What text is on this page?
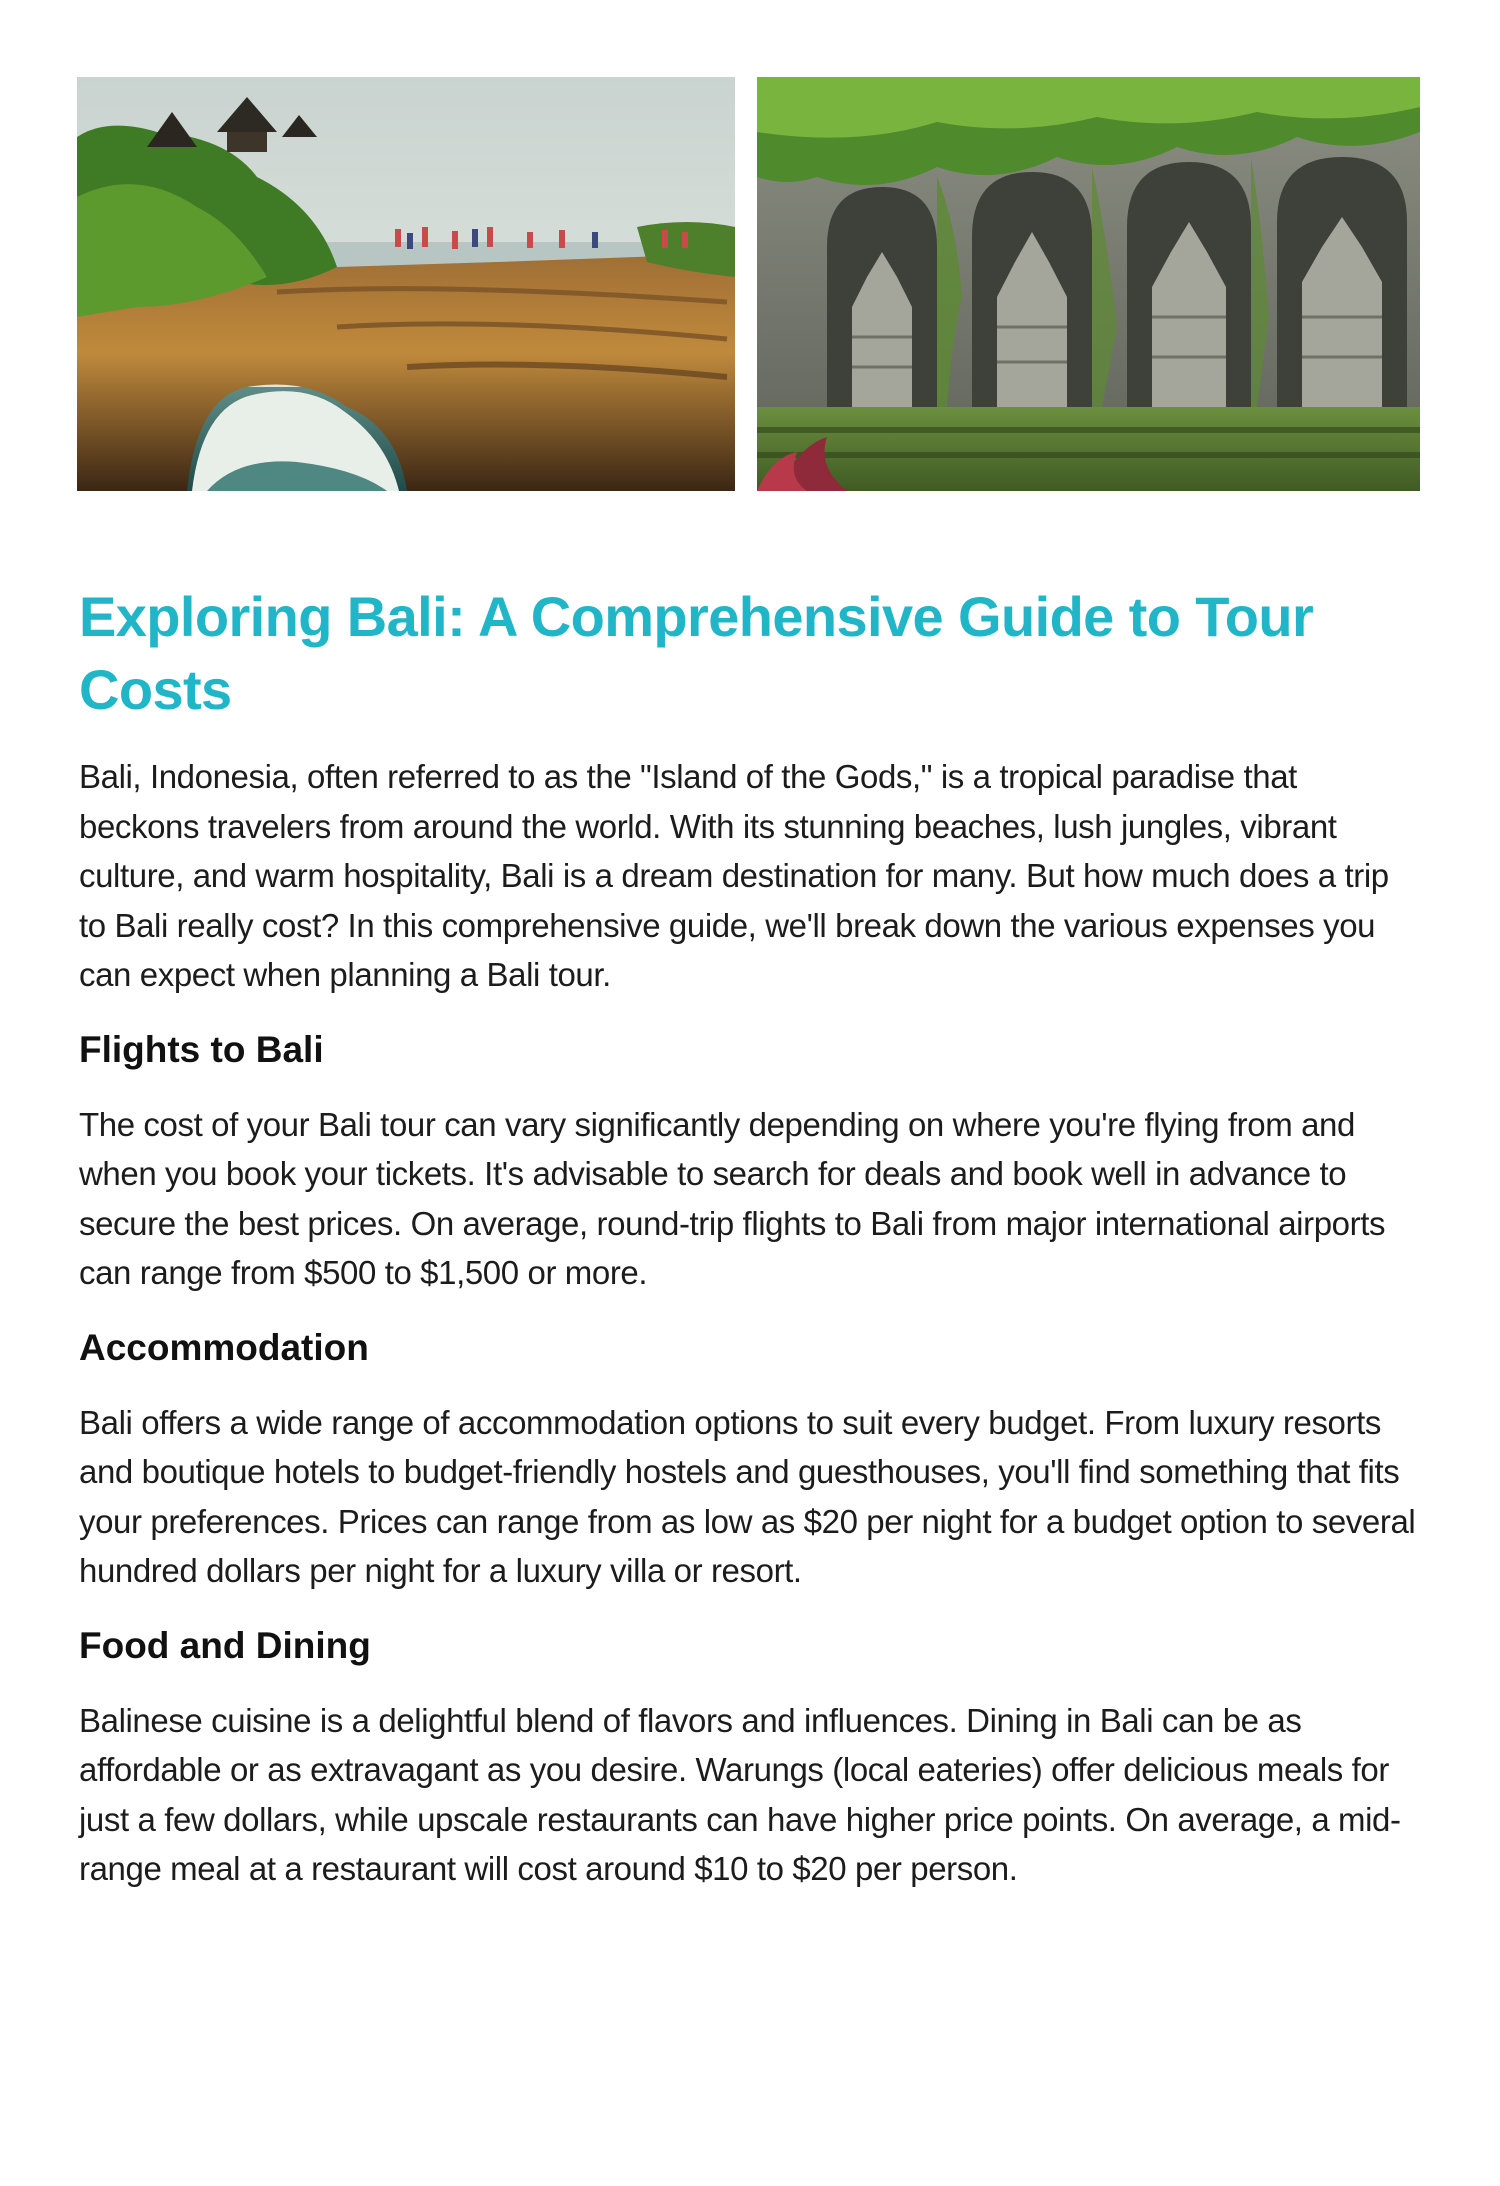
Exploring Bali: A Comprehensive Guide to Tour Costs

Bali, Indonesia, often referred to as the "Island of the Gods," is a tropical paradise that beckons travelers from around the world. With its stunning beaches, lush jungles, vibrant culture, and warm hospitality, Bali is a dream destination for many. But how much does a trip to Bali really cost? In this comprehensive guide, we'll break down the various expenses you can expect when planning a Bali tour.

Flights to Bali

The cost of your Bali tour can vary significantly depending on where you're flying from and when you book your tickets. It's advisable to search for deals and book well in advance to secure the best prices. On average, round-trip flights to Bali from major international airports can range from $500 to $1,500 or more.

Accommodation

Bali offers a wide range of accommodation options to suit every budget. From luxury resorts and boutique hotels to budget-friendly hostels and guesthouses, you'll find something that fits your preferences. Prices can range from as low as $20 per night for a budget option to several hundred dollars per night for a luxury villa or resort.

Food and Dining

Balinese cuisine is a delightful blend of flavors and influences. Dining in Bali can be as affordable or as extravagant as you desire. Warungs (local eateries) offer delicious meals for just a few dollars, while upscale restaurants can have higher price points. On average, a mid-range meal at a restaurant will cost around $10 to $20 per person.
